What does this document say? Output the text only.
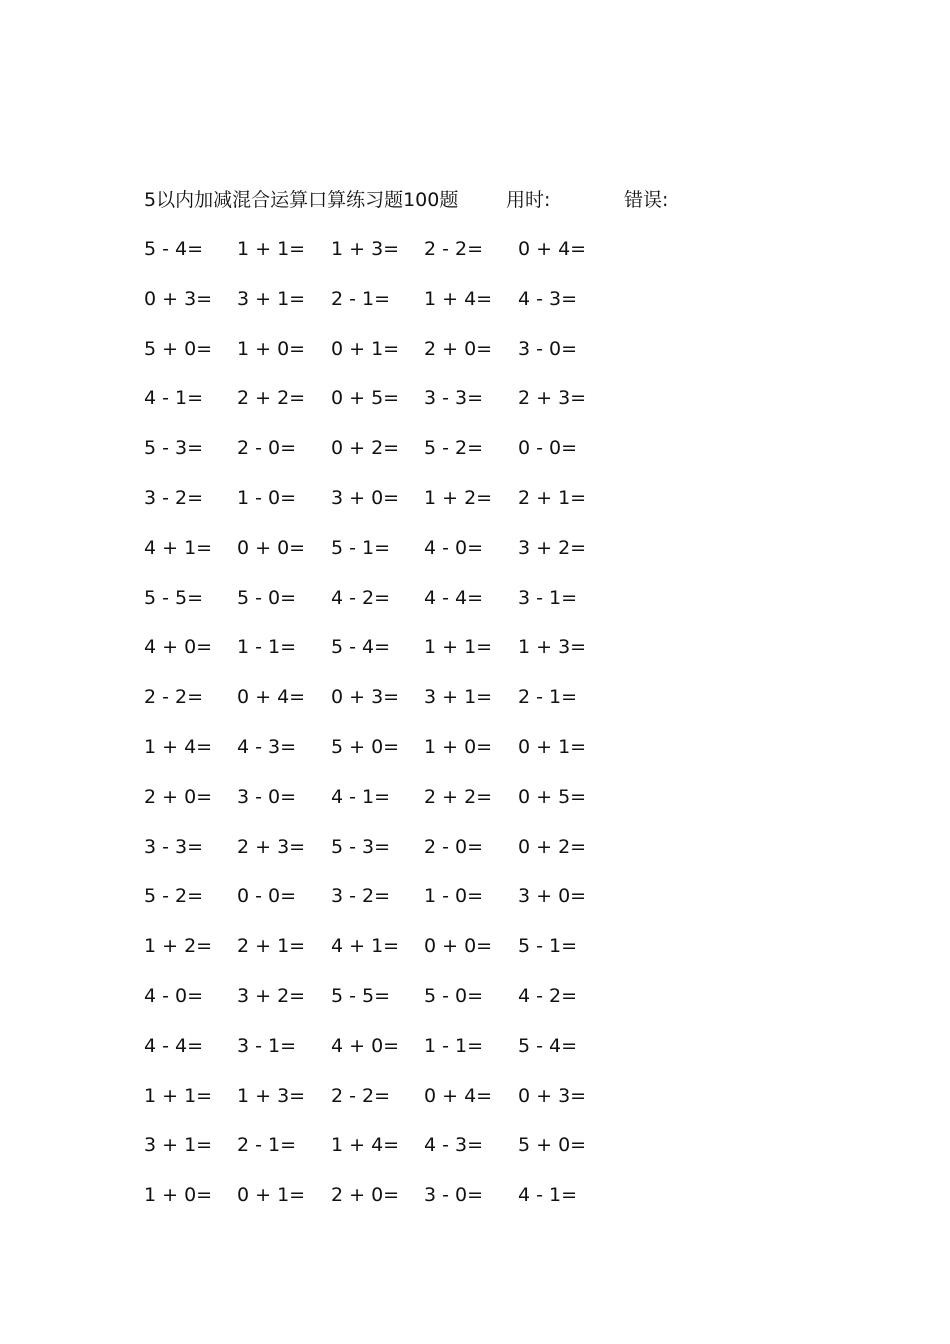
5以内加减混合运算口算练习题100题	用时:	错误:
5 - 4= 1 + 1= 1 + 3= 2 - 2= 0 + 4=
0 + 3= 3 + 1= 2 - 1= 1 + 4= 4 - 3=
5 + 0= 1 + 0= 0 + 1= 2 + 0= 3 - 0=
4 - 1= 2 + 2= 0 + 5= 3 - 3= 2 + 3=
5 - 3= 2 - 0= 0 + 2= 5 - 2= 0 - 0=
3 - 2= 1 - 0= 3 + 0= 1 + 2= 2 + 1=
4 + 1= 0 + 0= 5 - 1= 4 - 0= 3 + 2=
5 - 5= 5 - 0= 4 - 2= 4 - 4= 3 - 1=
4 + 0= 1 - 1= 5 - 4= 1 + 1= 1 + 3=
2 - 2= 0 + 4= 0 + 3= 3 + 1= 2 - 1=
1 + 4= 4 - 3= 5 + 0= 1 + 0= 0 + 1=
2 + 0= 3 - 0= 4 - 1= 2 + 2= 0 + 5=
3 - 3= 2 + 3= 5 - 3= 2 - 0= 0 + 2=
5 - 2= 0 - 0= 3 - 2= 1 - 0= 3 + 0=
1 + 2= 2 + 1= 4 + 1= 0 + 0= 5 - 1=
4 - 0= 3 + 2= 5 - 5= 5 - 0= 4 - 2=
4 - 4= 3 - 1= 4 + 0= 1 - 1= 5 - 4=
1 + 1= 1 + 3= 2 - 2= 0 + 4= 0 + 3=
3 + 1= 2 - 1= 1 + 4= 4 - 3= 5 + 0=
1 + 0= 0 + 1= 2 + 0= 3 - 0= 4 - 1=
